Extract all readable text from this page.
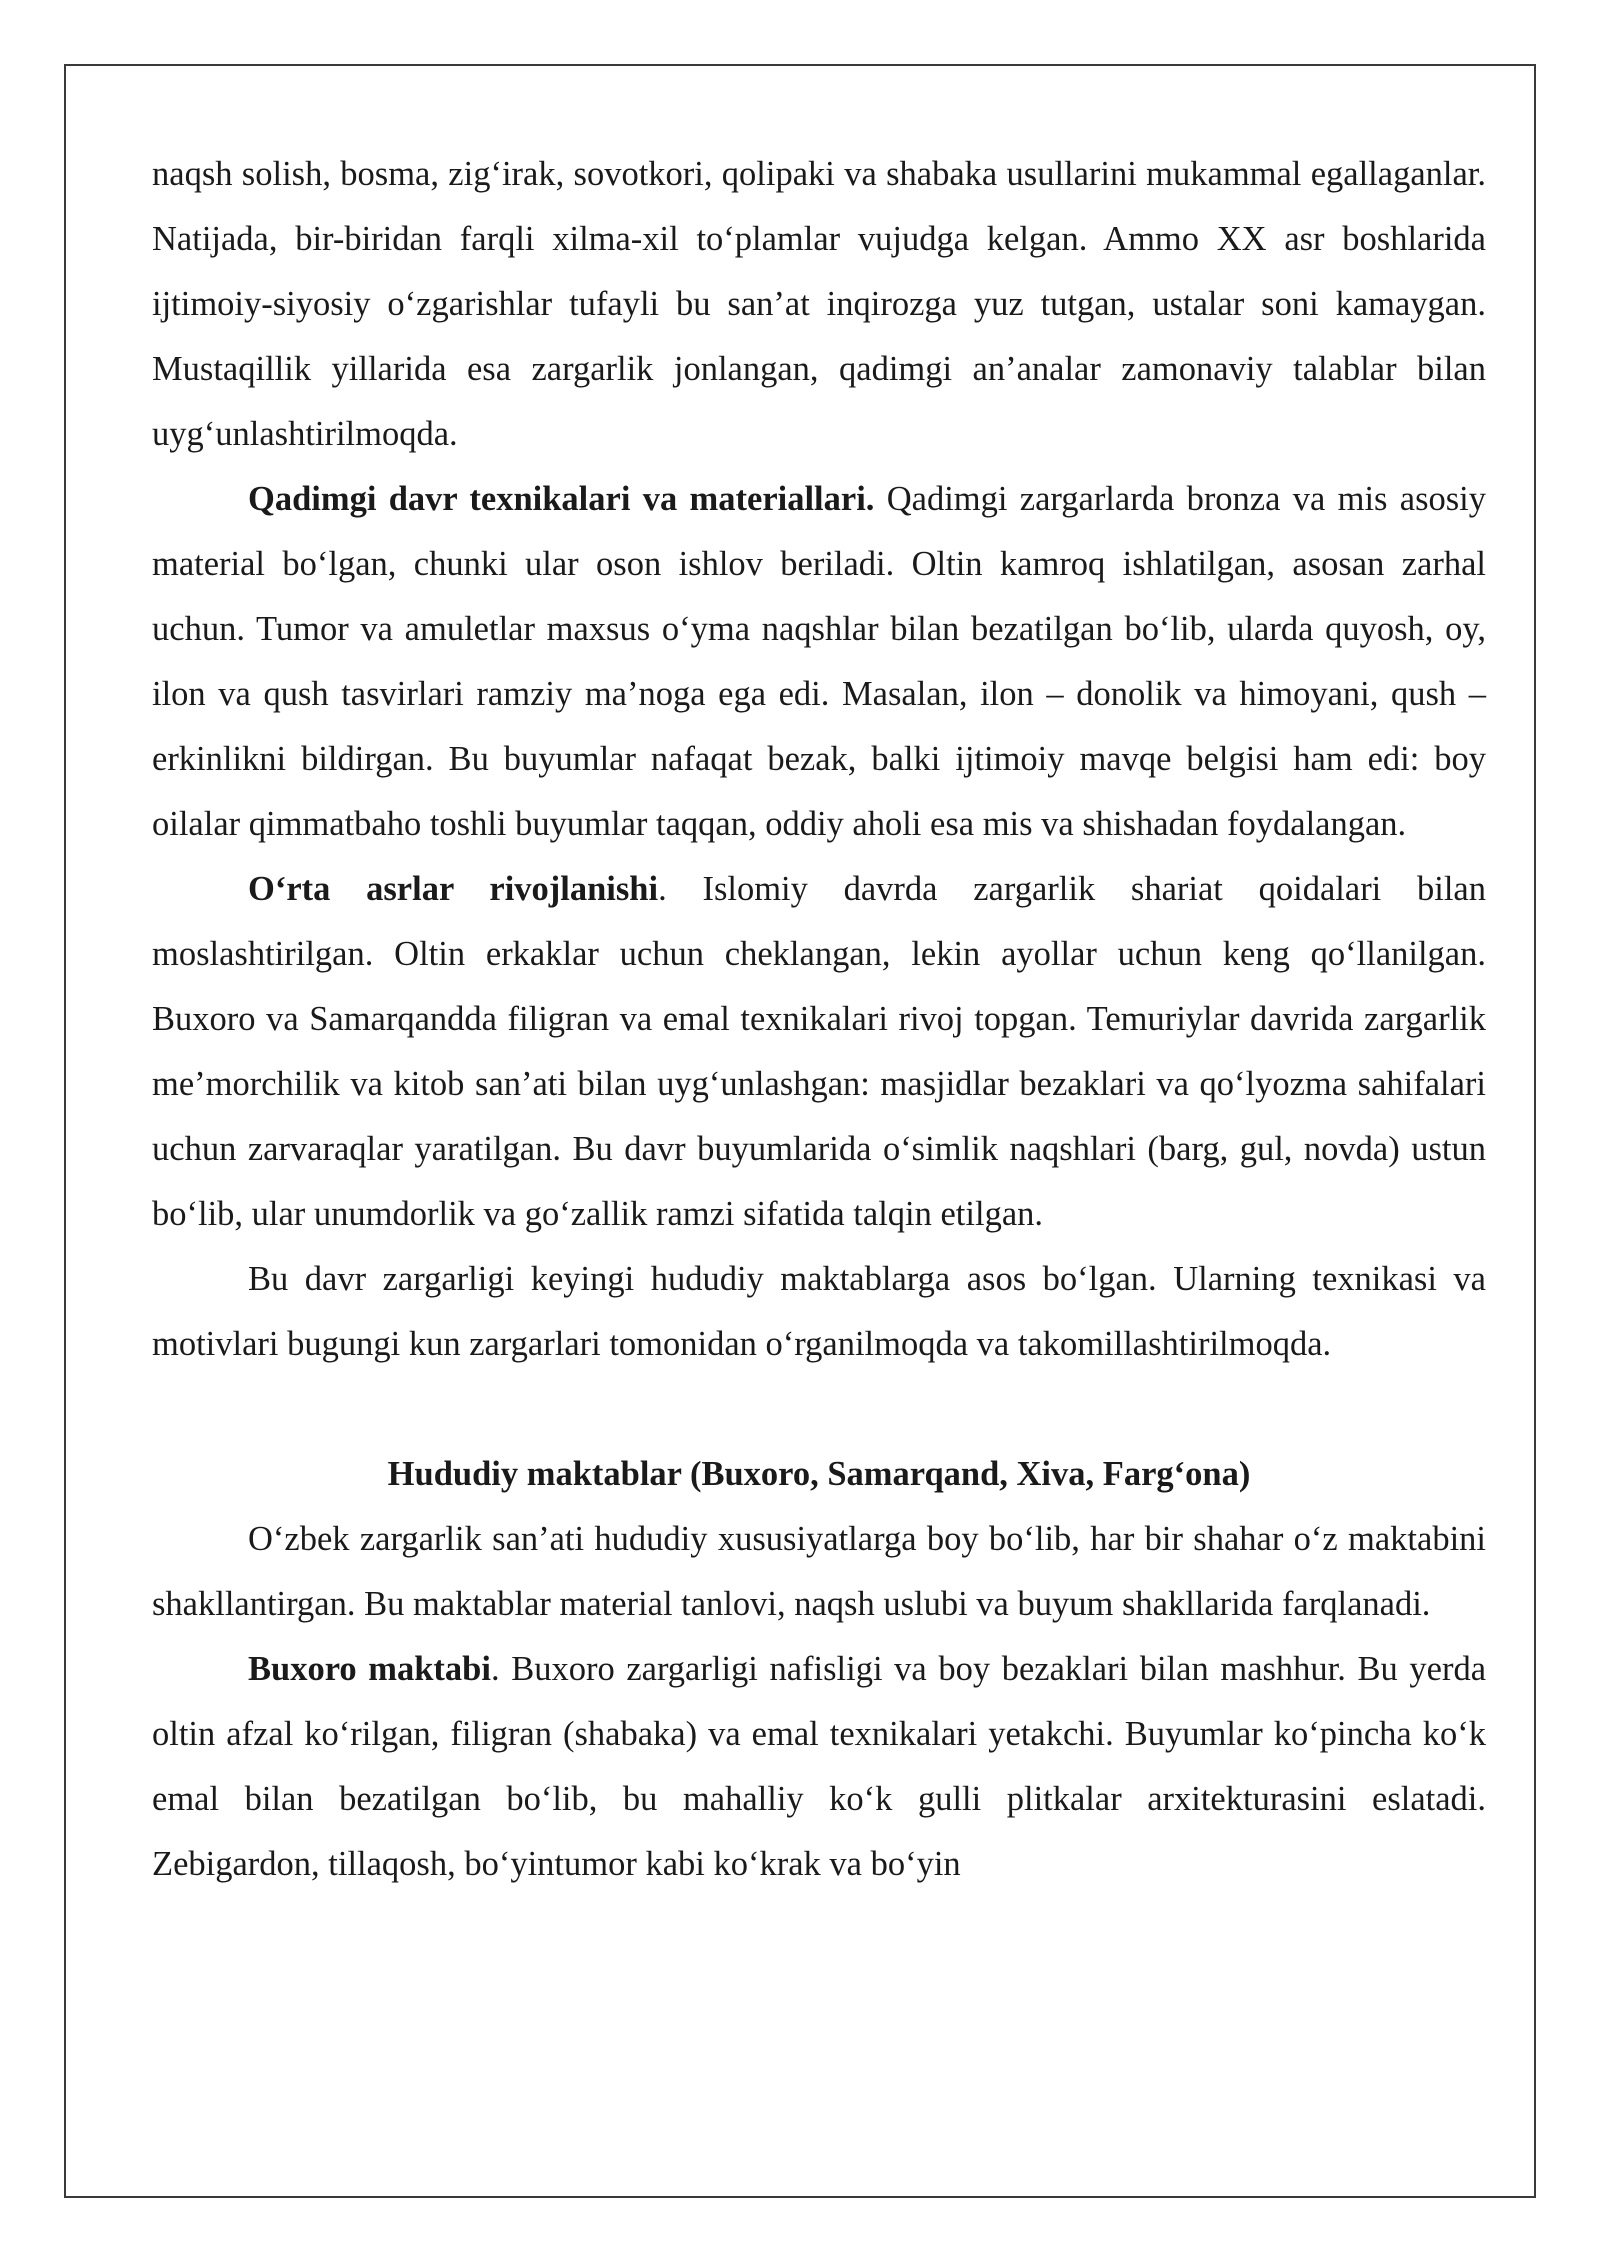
naqsh solish, bosma, zig‘irak, sovotkori, qolipaki va shabaka usullarini mukammal egallaganlar. Natijada, bir-biridan farqli xilma-xil to‘plamlar vujudga kelgan. Ammo XX asr boshlarida ijtimoiy-siyosiy o‘zgarishlar tufayli bu san’at inqirozga yuz tutgan, ustalar soni kamaygan. Mustaqillik yillarida esa zargarlik jonlangan, qadimgi an’analar zamonaviy talablar bilan uyg‘unlashtirilmoqda.

Qadimgi davr texnikalari va materiallari. Qadimgi zargarlarda bronza va mis asosiy material bo‘lgan, chunki ular oson ishlov beriladi. Oltin kamroq ishlatilgan, asosan zarhal uchun. Tumor va amuletlar maxsus o‘yma naqshlar bilan bezatilgan bo‘lib, ularda quyosh, oy, ilon va qush tasvirlari ramziy ma’noga ega edi. Masalan, ilon – donolik va himoyani, qush – erkinlikni bildirgan. Bu buyumlar nafaqat bezak, balki ijtimoiy mavqe belgisi ham edi: boy oilalar qimmatbaho toshli buyumlar taqqan, oddiy aholi esa mis va shishadan foydalangan.

O‘rta asrlar rivojlanishi. Islomiy davrda zargarlik shariat qoidalari bilan moslashtirilgan. Oltin erkaklar uchun cheklangan, lekin ayollar uchun keng qo‘llanilgan. Buxoro va Samarqandda filigran va emal texnikalari rivoj topgan. Temuriylar davrida zargarlik me’morchilik va kitob san’ati bilan uyg‘unlashgan: masjidlar bezaklari va qo‘lyozma sahifalari uchun zarvaraqlar yaratilgan. Bu davr buyumlarida o‘simlik naqshlari (barg, gul, novda) ustun bo‘lib, ular unumdorlik va go‘zallik ramzi sifatida talqin etilgan.

Bu davr zargarligi keyingi hududiy maktablarga asos bo‘lgan. Ularning texnikasi va motivlari bugungi kun zargarlari tomonidan o‘rganilmoqda va takomillashtirilmoqda.

Hududiy maktablar (Buxoro, Samarqand, Xiva, Farg‘ona)

O‘zbek zargarlik san’ati hududiy xususiyatlarga boy bo‘lib, har bir shahar o‘z maktabini shakllantirgan. Bu maktablar material tanlovi, naqsh uslubi va buyum shakllarida farqlanadi.

Buxoro maktabi. Buxoro zargarligi nafisligi va boy bezaklari bilan mashhur. Bu yerda oltin afzal ko‘rilgan, filigran (shabaka) va emal texnikalari yetakchi. Buyumlar ko‘pincha ko‘k emal bilan bezatilgan bo‘lib, bu mahalliy ko‘k gulli plitkalar arxitekturasini eslatadi. Zebigardon, tillaqosh, bo‘yintumor kabi ko‘krak va bo‘yin
